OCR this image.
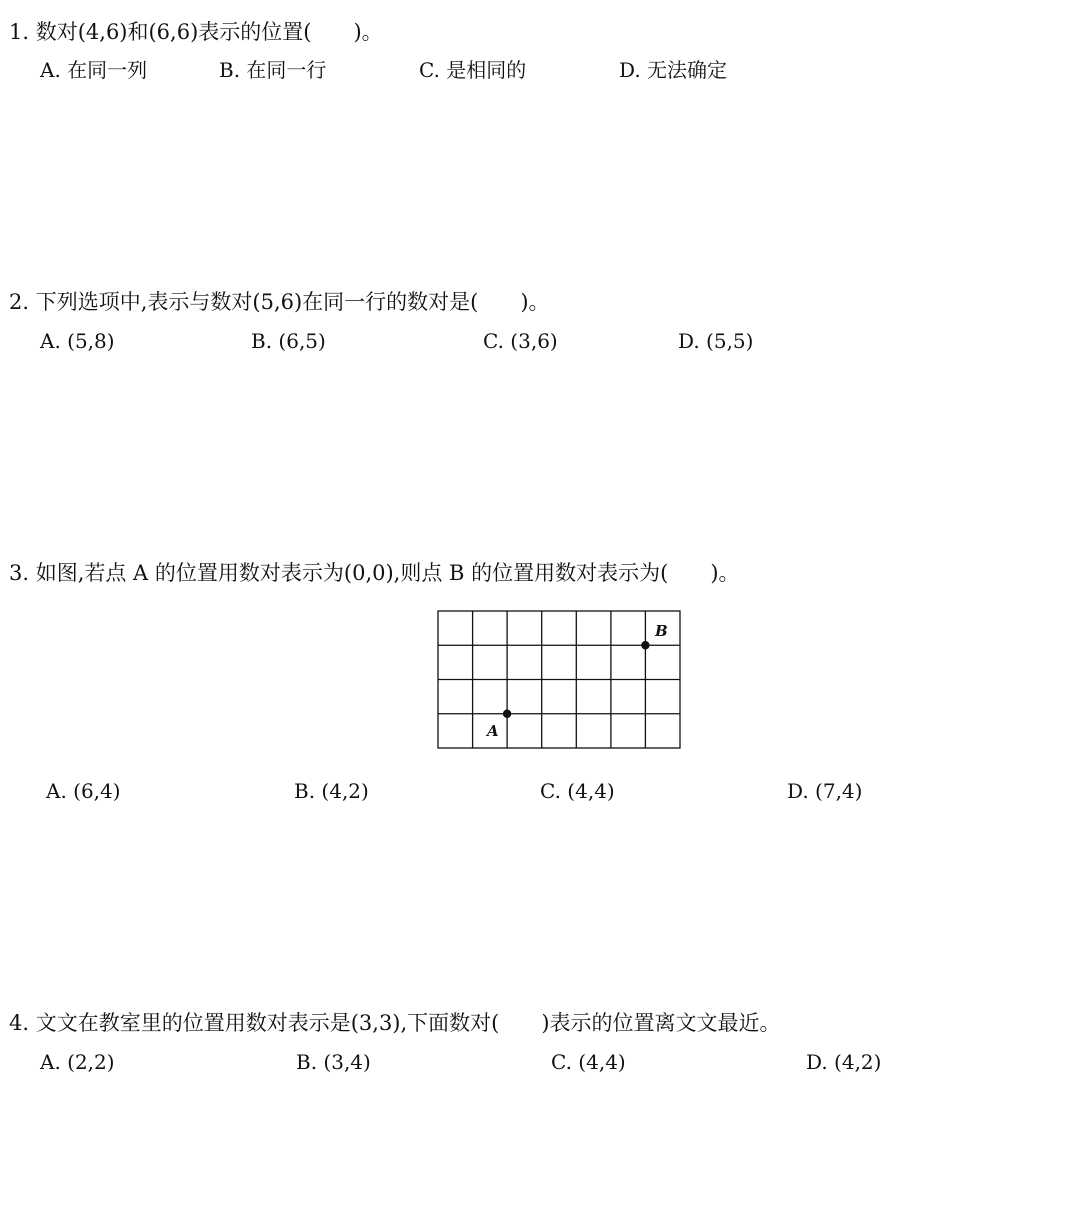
1. 数对(4,6)和(6,6)表示的位置(　　)。
A. 在同一列	B. 在同一行	C. 是相同的	D. 无法确定
2. 下列选项中,表示与数对(5,6)在同一行的数对是(　　)。
A. (5,8)	B. (6,5)	C. (3,6)	D. (5,5)
3. 如图,若点 A 的位置用数对表示为(0,0),则点 B 的位置用数对表示为(　　)。
A
B
A. (6,4)	B. (4,2)	C. (4,4)	D. (7,4)
4. 文文在教室里的位置用数对表示是(3,3),下面数对(　　)表示的位置离文文最近。
A. (2,2)	B. (3,4)	C. (4,4)	D. (4,2)
